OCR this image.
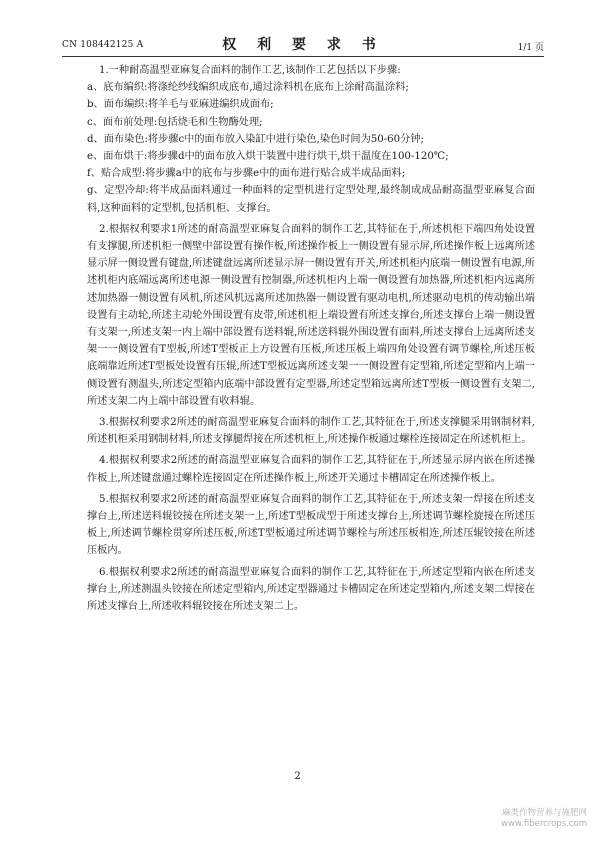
CN 108442125 A	权 利 要 求 书	1/1 页

1.一种耐高温型亚麻复合面料的制作工艺,该制作工艺包括以下步骤:

a、底布编织:将涤纶纱线编织成底布,通过涂料机在底布上涂耐高温涂料;

b、面布编织:将羊毛与亚麻进编织成面布;

c、面布前处理:包括烧毛和生物酶处理;

d、面布染色:将步骤c中的面布放入染缸中进行染色,染色时间为50-60分钟;

e、面布烘干:将步骤d中的面布放入烘干装置中进行烘干,烘干温度在100-120℃;

f、贴合成型:将步骤a中的底布与步骤e中的面布进行贴合成半成品面料;

g、定型冷却:将半成品面料通过一种面料的定型机进行定型处理,最终制成成品耐高温型亚麻复合面料,这种面料的定型机,包括机柜、支撑台。

2.根据权利要求1所述的耐高温型亚麻复合面料的制作工艺,其特征在于,所述机柜下端四角处设置有支撑腿,所述机柜一侧壁中部设置有操作板,所述操作板上一侧设置有显示屏,所述操作板上远离所述显示屏一侧设置有键盘,所述键盘远离所述显示屏一侧设置有开关,所述机柜内底端一侧设置有电源,所述机柜内底端远离所述电源一侧设置有控制器,所述机柜内上端一侧设置有加热器,所述机柜内远离所述加热器一侧设置有风机,所述风机远离所述加热器一侧设置有驱动电机,所述驱动电机的传动输出端设置有主动轮,所述主动轮外围设置有皮带,所述机柜上端设置有所述支撑台,所述支撑台上端一侧设置有支架一,所述支架一内上端中部设置有送料辊,所述送料辊外围设置有面料,所述支撑台上远离所述支架一一侧设置有T型板,所述T型板正上方设置有压板,所述压板上端四角处设置有调节螺栓,所述压板底端靠近所述T型板处设置有压辊,所述T型板远离所述支架一一侧设置有定型箱,所述定型箱内上端一侧设置有测温头,所述定型箱内底端中部设置有定型器,所述定型箱远离所述T型板一侧设置有支架二,所述支架二内上端中部设置有收料辊。

3.根据权利要求2所述的耐高温型亚麻复合面料的制作工艺,其特征在于,所述支撑腿采用钢制材料,所述机柜采用钢制材料,所述支撑腿焊接在所述机柜上,所述操作板通过螺栓连接固定在所述机柜上。

4.根据权利要求2所述的耐高温型亚麻复合面料的制作工艺,其特征在于,所述显示屏内嵌在所述操作板上,所述键盘通过螺栓连接固定在所述操作板上,所述开关通过卡槽固定在所述操作板上。

5.根据权利要求2所述的耐高温型亚麻复合面料的制作工艺,其特征在于,所述支架一焊接在所述支撑台上,所述送料辊铰接在所述支架一上,所述T型板成型于所述支撑台上,所述调节螺栓旋接在所述压板上,所述调节螺栓贯穿所述压板,所述T型板通过所述调节螺栓与所述压板相连,所述压辊铰接在所述压板内。

6.根据权利要求2所述的耐高温型亚麻复合面料的制作工艺,其特征在于,所述定型箱内嵌在所述支撑台上,所述测温头铰接在所述定型箱内,所述定型器通过卡槽固定在所述定型箱内,所述支架二焊接在所述支撑台上,所述收料辊铰接在所述支架二上。

2
麻类作物营养与施肥网
www.fibercrops.com
